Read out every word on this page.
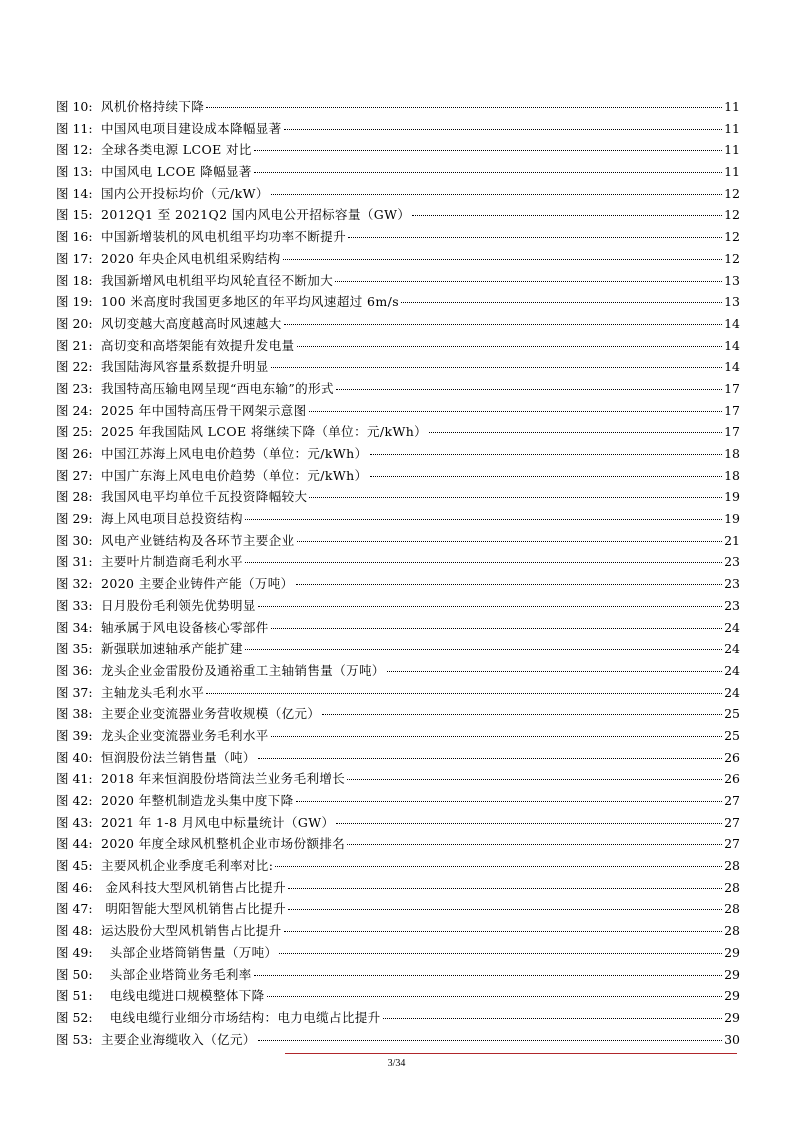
图 10: 风机价格持续下降	11
图 11: 中国风电项目建设成本降幅显著	11
图 12: 全球各类电源 LCOE 对比	11
图 13: 中国风电 LCOE 降幅显著	11
图 14: 国内公开投标均价（元/kW）	12
图 15: 2012Q1 至 2021Q2 国内风电公开招标容量（GW）	12
图 16: 中国新增装机的风电机组平均功率不断提升	12
图 17: 2020 年央企风电机组采购结构	12
图 18: 我国新增风电机组平均风轮直径不断加大	13
图 19: 100 米高度时我国更多地区的年平均风速超过 6m/s	13
图 20: 风切变越大高度越高时风速越大	14
图 21: 高切变和高塔架能有效提升发电量	14
图 22: 我国陆海风容量系数提升明显	14
图 23: 我国特高压输电网呈现“西电东输”的形式	17
图 24: 2025 年中国特高压骨干网架示意图	17
图 25: 2025 年我国陆风 LCOE 将继续下降（单位：元/kWh）	17
图 26: 中国江苏海上风电电价趋势（单位：元/kWh）	18
图 27: 中国广东海上风电电价趋势（单位：元/kWh）	18
图 28: 我国风电平均单位千瓦投资降幅较大	19
图 29: 海上风电项目总投资结构	19
图 30: 风电产业链结构及各环节主要企业	21
图 31: 主要叶片制造商毛利水平	23
图 32: 2020 主要企业铸件产能（万吨）	23
图 33: 日月股份毛利领先优势明显	23
图 34: 轴承属于风电设备核心零部件	24
图 35: 新强联加速轴承产能扩建	24
图 36: 龙头企业金雷股份及通裕重工主轴销售量（万吨）	24
图 37: 主轴龙头毛利水平	24
图 38: 主要企业变流器业务营收规模（亿元）	25
图 39: 龙头企业变流器业务毛利水平	25
图 40: 恒润股份法兰销售量（吨）	26
图 41: 2018 年来恒润股份塔筒法兰业务毛利增长	26
图 42: 2020 年整机制造龙头集中度下降	27
图 43: 2021 年 1-8 月风电中标量统计（GW）	27
图 44: 2020 年度全球风机整机企业市场份额排名	27
图 45: 主要风机企业季度毛利率对比:	28
图 46: 金风科技大型风机销售占比提升	28
图 47: 明阳智能大型风机销售占比提升	28
图 48: 运达股份大型风机销售占比提升	28
图 49: 头部企业塔筒销售量（万吨）	29
图 50: 头部企业塔筒业务毛利率	29
图 51: 电线电缆进口规模整体下降	29
图 52: 电线电缆行业细分市场结构：电力电缆占比提升	29
图 53: 主要企业海缆收入（亿元）	30
3/34
